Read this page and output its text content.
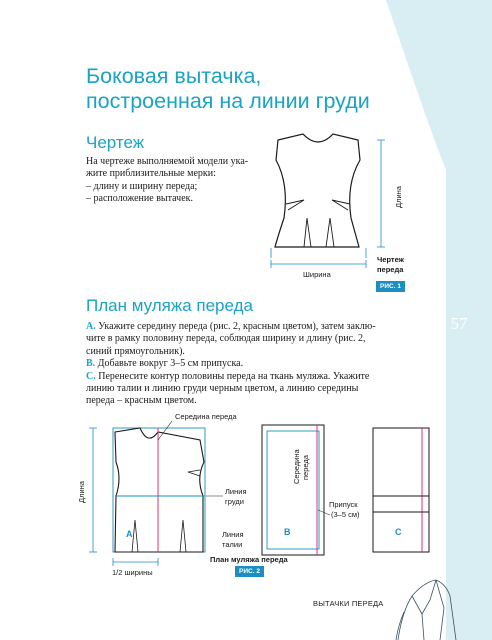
57
Боковая вытачка,
построенная на линии груди
Чертеж

На чертеже выполняемой модели ука-

жите приблизительные мерки:

– длину и ширину переда;

– расположение вытачек.

Ширина
Длина
Чертеж
переда
РИС. 1
План муляжа переда

А. Укажите середину переда (рис. 2, красным цветом), затем заклю-

чите в рамку половину переда, соблюдая ширину и длину (рис. 2,

синий прямоугольник).

В. Добавьте вокруг 3–5 см припуска.

С. Перенесите контур половины переда на ткань муляжа. Укажите

линию талии и линию груди черным цветом, а линию середины

переда – красным цветом.

Середина переда
Длина
1/2 ширины
A
Линия
груди
Линия
талии
Середина переда
B
Припуск
(3–5 см)
C
План муляжа переда
РИС. 2
ВЫТАЧКИ ПЕРЕДА
